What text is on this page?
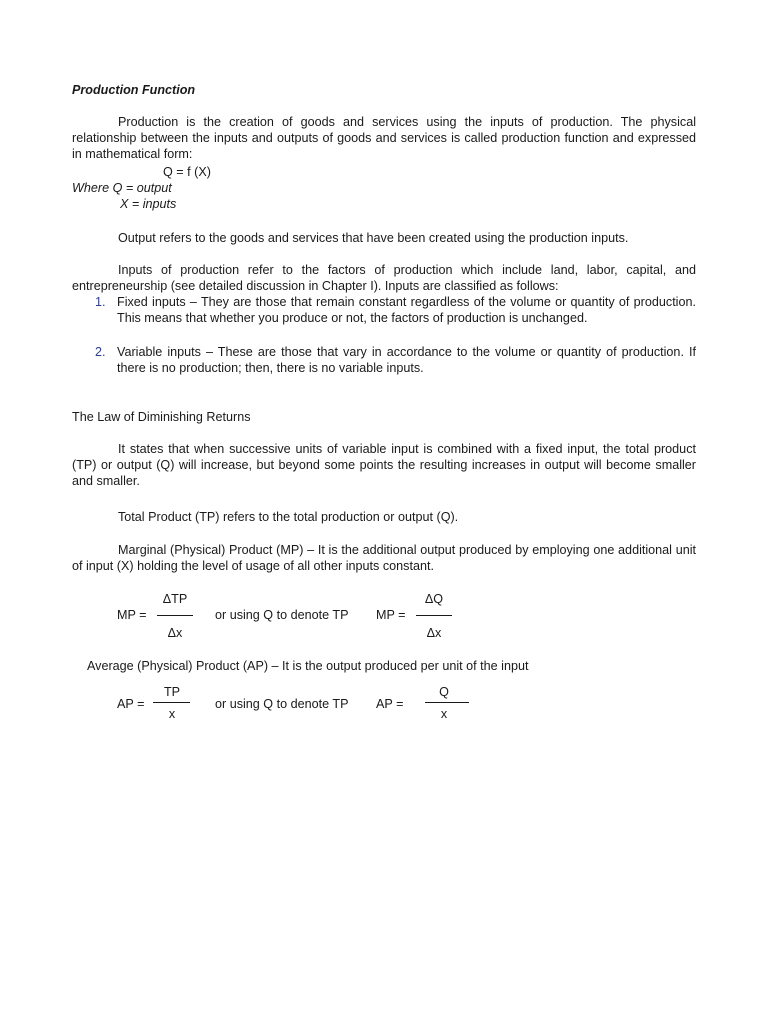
Production Function

Production is the creation of goods and services using the inputs of production. The physical relationship between the inputs and outputs of goods and services is called production function and expressed in mathematical form:

Q = f (X)
Where Q = output
X = inputs

Output refers to the goods and services that have been created using the production inputs.

Inputs of production refer to the factors of production which include land, labor, capital, and entrepreneurship (see detailed discussion in Chapter I). Inputs are classified as follows:

1. Fixed inputs – They are those that remain constant regardless of the volume or quantity of production. This means that whether you produce or not, the factors of production is unchanged.
2. Variable inputs – These are those that vary in accordance to the volume or quantity of production. If there is no production; then, there is no variable inputs.
The Law of Diminishing Returns

It states that when successive units of variable input is combined with a fixed input, the total product (TP) or output (Q) will increase, but beyond some points the resulting increases in output will become smaller and smaller.

Total Product (TP) refers to the total production or output (Q).

Marginal (Physical) Product (MP) – It is the additional output produced by employing one additional unit of input (X) holding the level of usage of all other inputs constant.

MP =
ΔTP
Δx
or using Q to denote TP MP =
ΔQ
Δx
Average (Physical) Product (AP) – It is the output produced per unit of the input
AP =
TP
x
or using Q to denote TP AP =
Q
x
